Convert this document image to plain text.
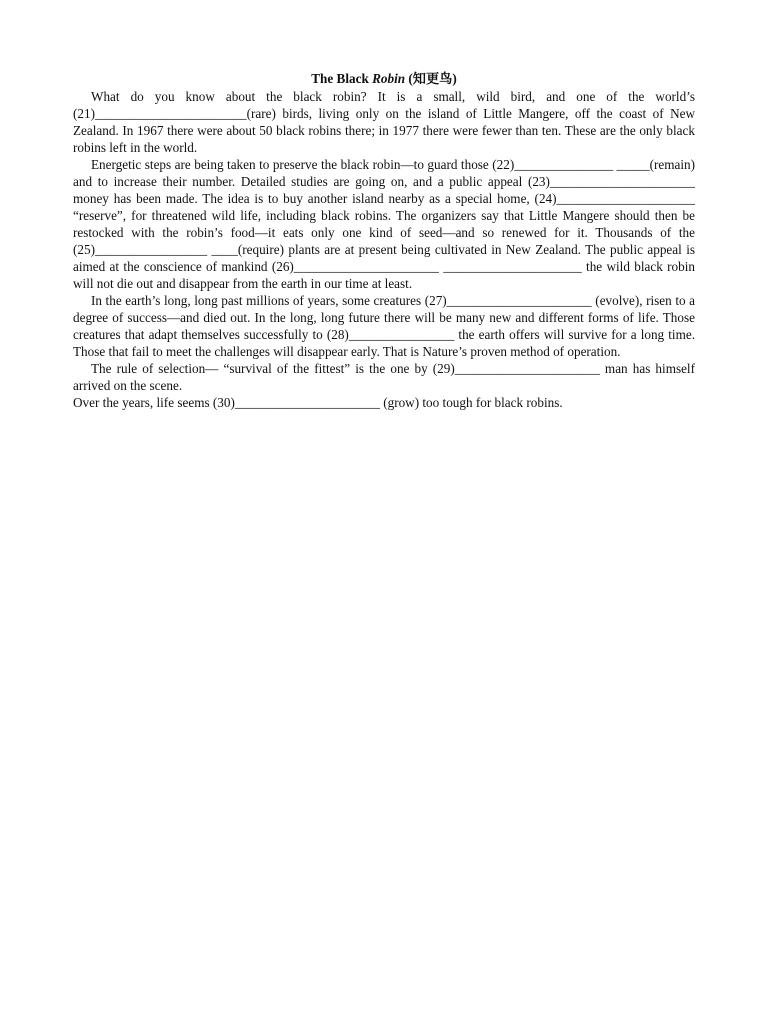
The Black Robin (知更鸟)

What do you know about the black robin? It is a small, wild bird, and one of the world’s (21)_______________________(rare) birds, living only on the island of Little Mangere, off the coast of New Zealand. In 1967 there were about 50 black robins there; in 1977 there were fewer than ten. These are the only black robins left in the world.

Energetic steps are being taken to preserve the black robin—to guard those (22)_______________ _____(remain) and to increase their number. Detailed studies are going on, and a public appeal (23)______________________ money has been made. The idea is to buy another island nearby as a special home, (24)_____________________ “reserve”, for threatened wild life, including black robins. The organizers say that Little Mangere should then be restocked with the robin’s food—it eats only one kind of seed—and so renewed for it. Thousands of the (25)_________________ ____(require) plants are at present being cultivated in New Zealand. The public appeal is aimed at the conscience of mankind (26)______________________ _____________________ the wild black robin will not die out and disappear from the earth in our time at least.

In the earth’s long, long past millions of years, some creatures (27)______________________ (evolve), risen to a degree of success—and died out. In the long, long future there will be many new and different forms of life. Those creatures that adapt themselves successfully to (28)________________ the earth offers will survive for a long time. Those that fail to meet the challenges will disappear early. That is Nature’s proven method of operation.

The rule of selection— “survival of the fittest” is the one by (29)______________________ man has himself arrived on the scene.

Over the years, life seems (30)______________________ (grow) too tough for black robins.
